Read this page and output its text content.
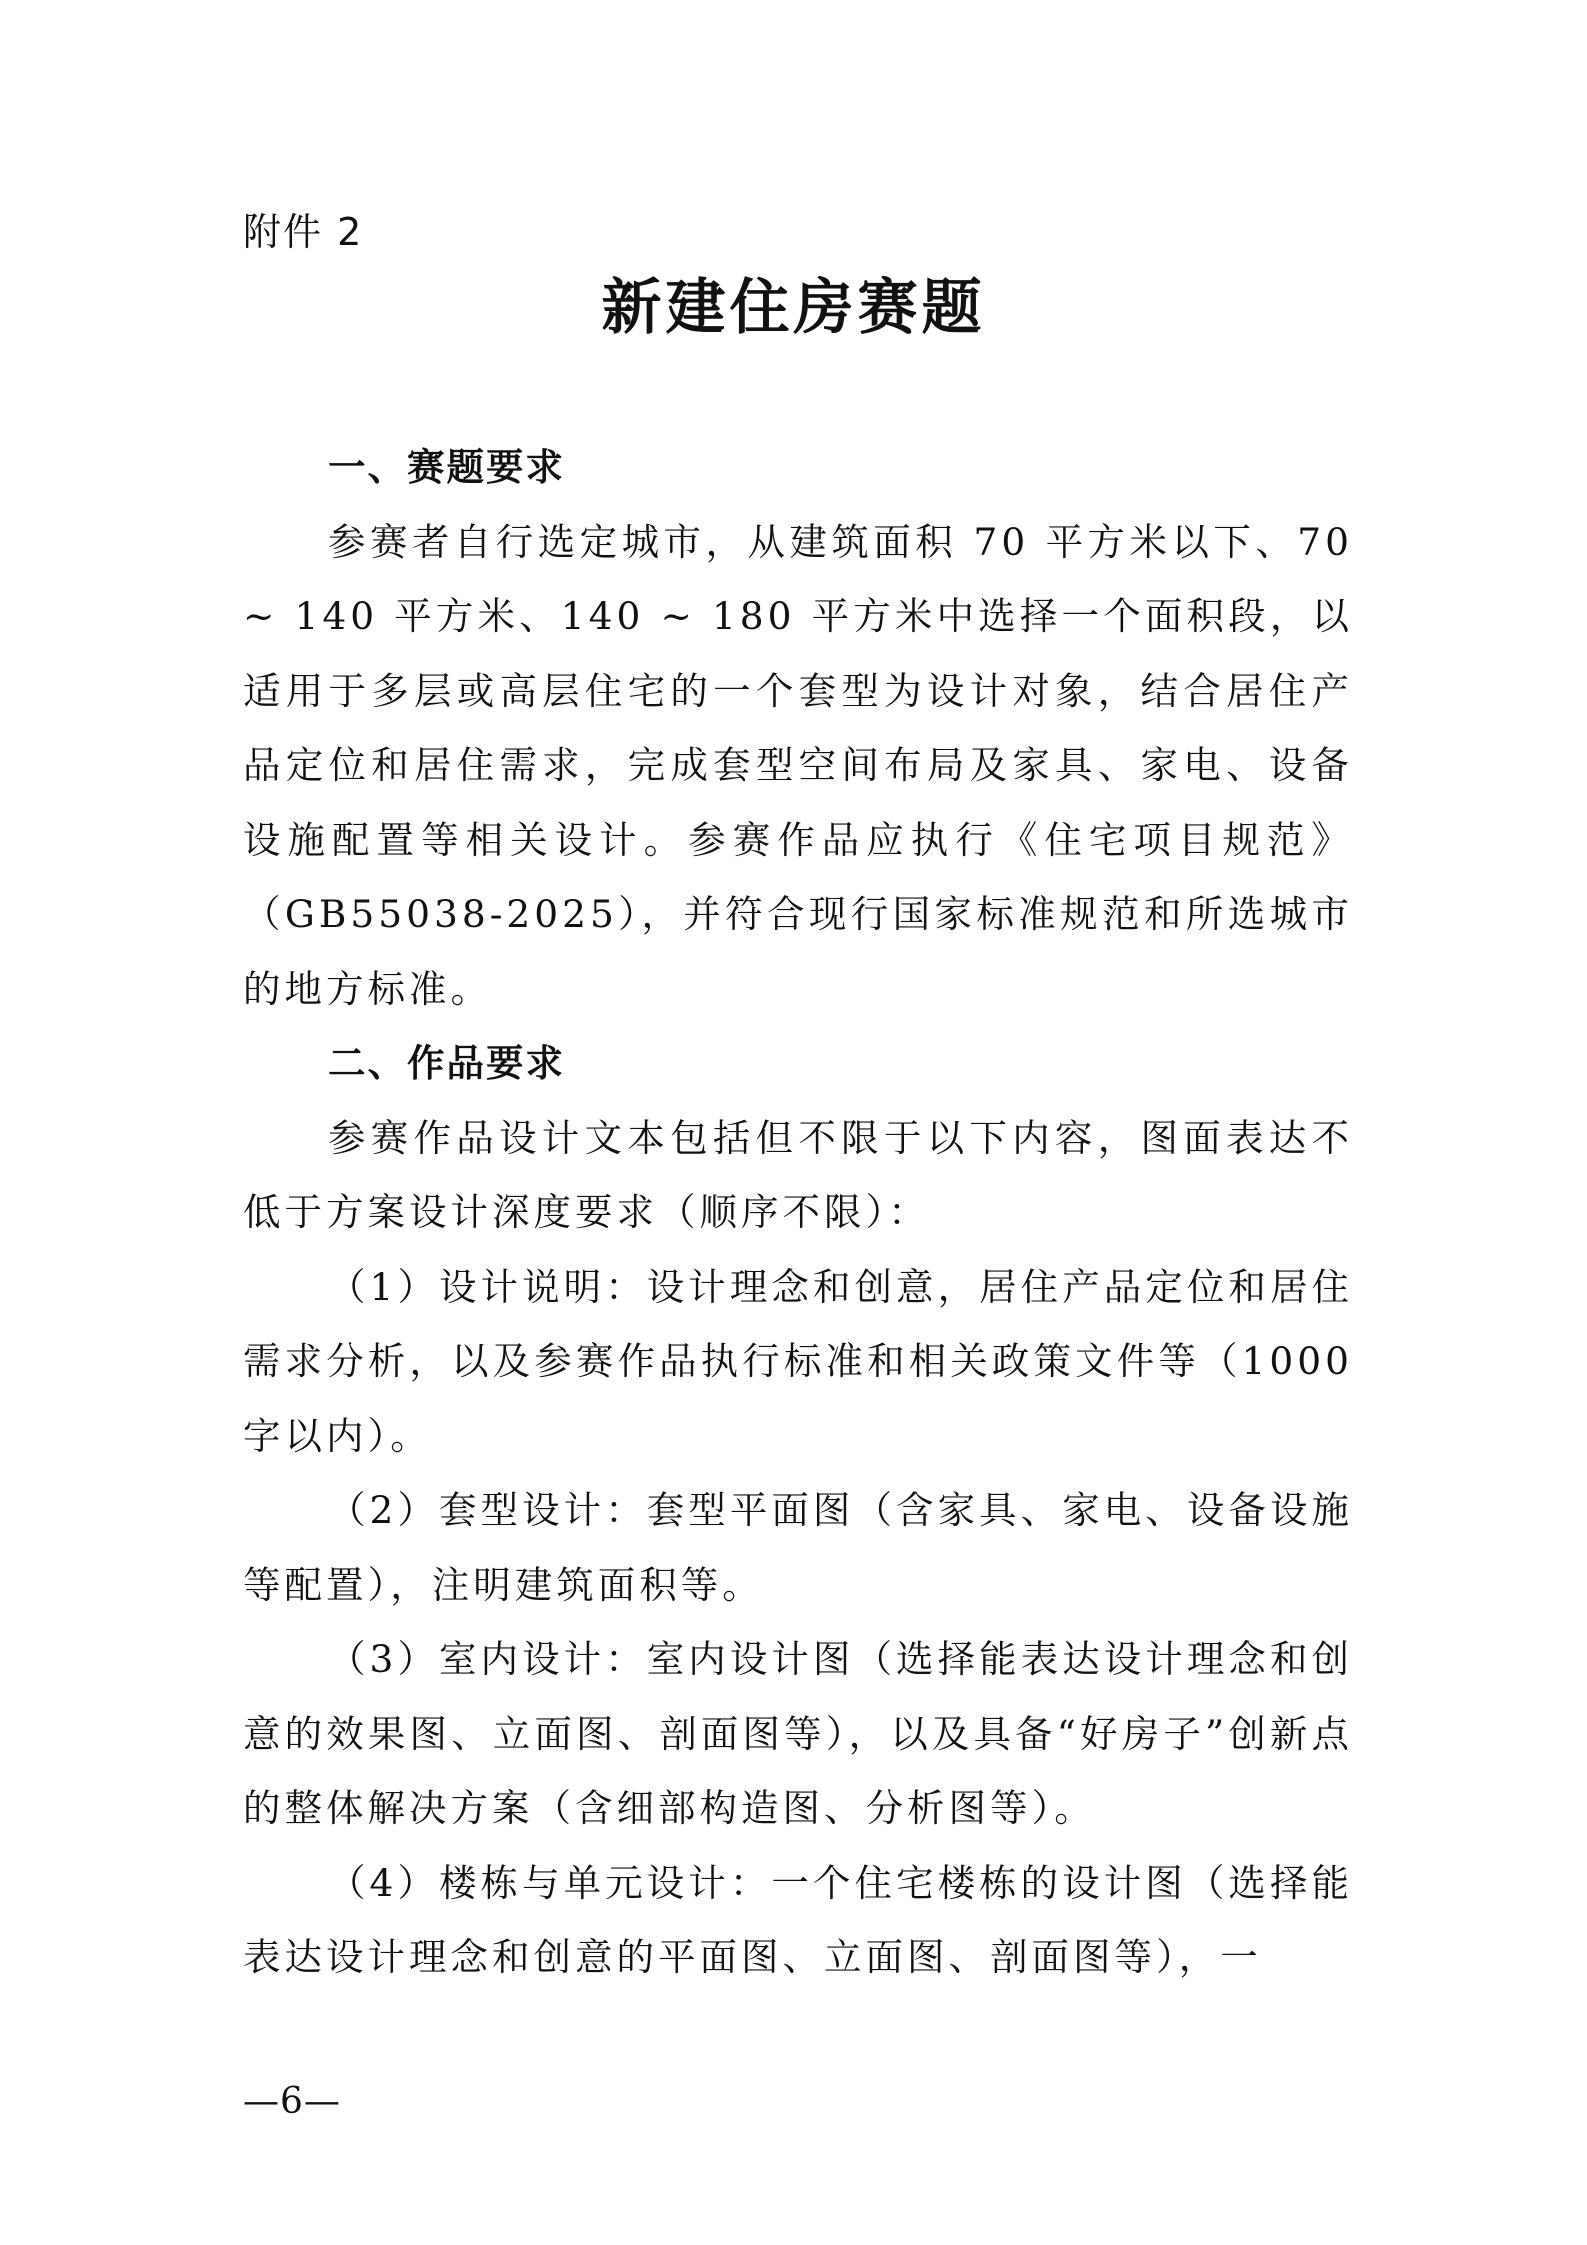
附件 2
新建住房赛题

一、赛题要求

参赛者自行选定城市，从建筑面积 70 平方米以下、70 ~ 140 平方米、140 ~ 180 平方米中选择一个面积段，以适用于多层或高层住宅的一个套型为设计对象，结合居住产品定位和居住需求，完成套型空间布局及家具、家电、设备设施配置等相关设计。参赛作品应执行《住宅项目规范》（GB55038-2025），并符合现行国家标准规范和所选城市的地方标准。

二、作品要求

参赛作品设计文本包括但不限于以下内容，图面表达不低于方案设计深度要求（顺序不限）：

（1）设计说明：设计理念和创意，居住产品定位和居住需求分析，以及参赛作品执行标准和相关政策文件等（1000 字以内）。

（2）套型设计：套型平面图（含家具、家电、设备设施等配置），注明建筑面积等。

（3）室内设计：室内设计图（选择能表达设计理念和创意的效果图、立面图、剖面图等），以及具备“好房子”创新点的整体解决方案（含细部构造图、分析图等）。

（4）楼栋与单元设计：一个住宅楼栋的设计图（选择能表达设计理念和创意的平面图、立面图、剖面图等），一

—6—
